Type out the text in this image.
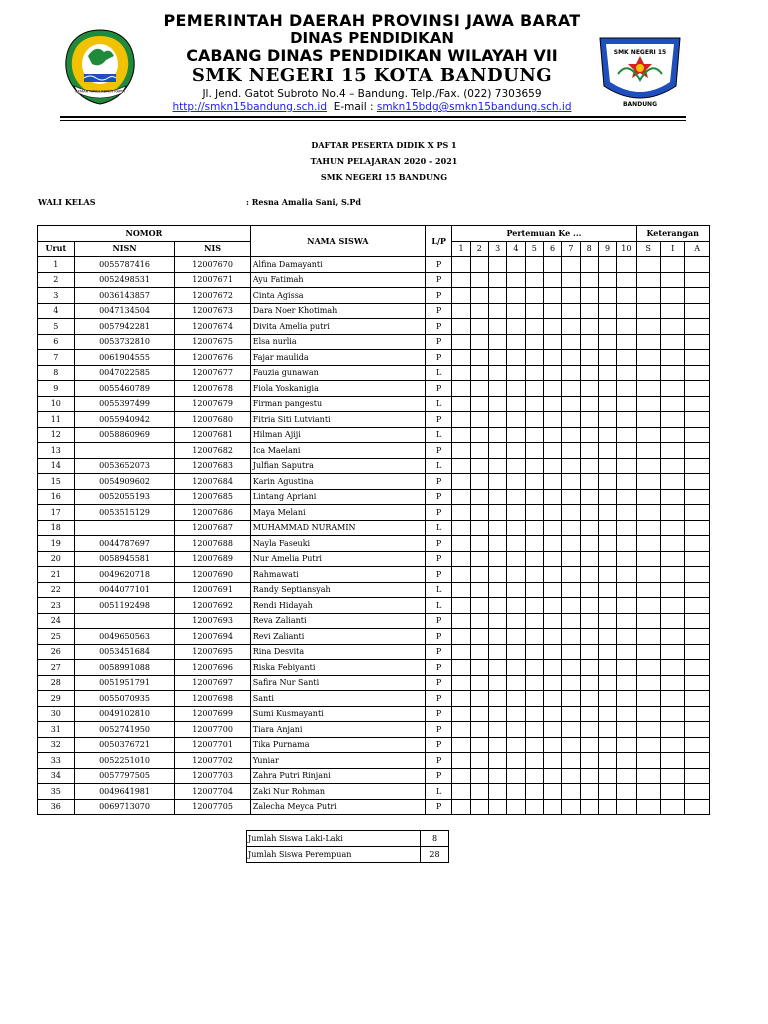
GEMAH RIPAH REPEH RAPIH
PEMERINTAH DAERAH PROVINSI JAWA BARAT
DINAS PENDIDIKAN
CABANG DINAS PENDIDIKAN WILAYAH VII
SMK NEGERI 15 KOTA BANDUNG
Jl. Jend. Gatot Subroto No.4 – Bandung. Telp./Fax. (022) 7303659
http://smkn15bandung.sch.id E-mail : smkn15bdg@smkn15bandung.sch.id
SMK NEGERI 15
BANDUNG
DAFTAR PESERTA DIDIK X PS 1
TAHUN PELAJARAN 2020 - 2021
SMK NEGERI 15 BANDUNG
WALI KELAS	: Resna Amalia Sani, S.Pd
NOMOR			NAMA SISWA	L/P	Pertemuan Ke ...										Keterangan		
Urut	NISN	NIS			1	2	3	4	5	6	7	8	9	10	S	I	A
1	0055787416	12007670	Alfina Damayanti	P													
2	0052498531	12007671	Ayu Fatimah	P													
3	0036143857	12007672	Cinta Agissa	P													
4	0047134504	12007673	Dara Noer Khotimah	P													
5	0057942281	12007674	Divita Amelia putri	P													
6	0053732810	12007675	Elsa nurlia	P													
7	0061904555	12007676	Fajar maulida	P													
8	0047022585	12007677	Fauzia gunawan	L													
9	0055460789	12007678	Fiola Yoskanigia	P													
10	0055397499	12007679	Firman pangestu	L													
11	0055940942	12007680	Fitria Siti Lutvianti	P													
12	0058860969	12007681	Hilman Ajiji	L													
13		12007682	Ica Maelani	P													
14	0053652073	12007683	Julfian Saputra	L													
15	0054909602	12007684	Karin Agustina	P													
16	0052055193	12007685	Lintang Apriani	P													
17	0053515129	12007686	Maya Melani	P													
18		12007687	MUHAMMAD NURAMIN	L													
19	0044787697	12007688	Nayla Faseuki	P													
20	0058945581	12007689	Nur Amelia Putri	P													
21	0049620718	12007690	Rahmawati	P													
22	0044077101	12007691	Randy Septiansyah	L													
23	0051192498	12007692	Rendi Hidayah	L													
24		12007693	Reva Zalianti	P													
25	0049650563	12007694	Revi Zalianti	P													
26	0053451684	12007695	Rina Desvita	P													
27	0058991088	12007696	Riska Febiyanti	P													
28	0051951791	12007697	Safira Nur Santi	P													
29	0055070935	12007698	Santi	P													
30	0049102810	12007699	Sumi Kusmayanti	P													
31	0052741950	12007700	Tiara Anjani	P													
32	0050376721	12007701	Tika Purnama	P													
33	0052251010	12007702	Yuniar	P													
34	0057797505	12007703	Zahra Putri Rinjani	P													
35	0049641981	12007704	Zaki Nur Rohman	L													
36	0069713070	12007705	Zalecha Meyca Putri	P													
Jumlah Siswa Laki-Laki	8
Jumlah Siswa Perempuan	28
